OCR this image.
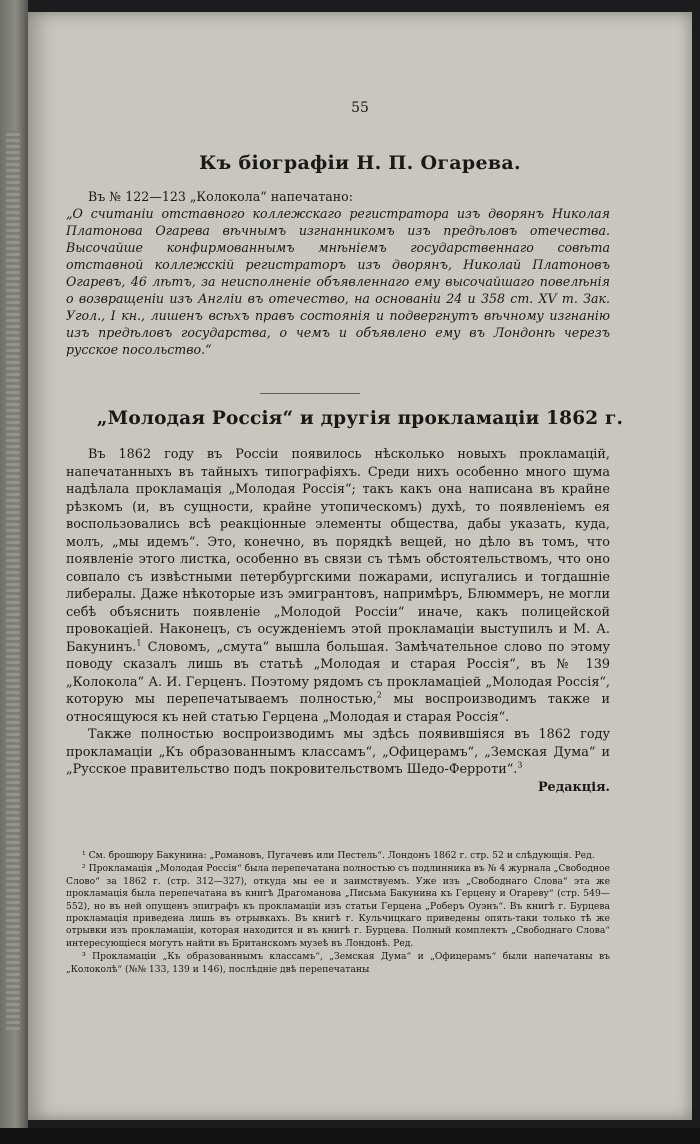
55
Къ біографіи Н. П. Огарева.

Въ № 122—123 „Колокола“ напечатано:

„О считаніи отставного коллежскаго регистратора изъ дворянъ Николая Платонова Огарева вѣчнымъ изгнанникомъ изъ предѣловъ отечества. Высочайше конфирмованнымъ мнѣніемъ государственнаго совѣта отставной коллежскій регистраторъ изъ дворянъ, Николай Платоновъ Огаревъ, 46 лѣтъ, за неисполненіе объявленнаго ему высочайшаго повелѣнія о возвращеніи изъ Англіи въ отечество, на основаніи 24 и 358 ст. XV т. Зак. Угол., I кн., лишенъ всѣхъ правъ состоянія и подвергнутъ вѣчному изгнанію изъ предѣловъ государства, о чемъ и объявлено ему въ Лондонѣ черезъ русское посольство.“

„Молодая Россія“ и другія прокламаціи 1862 г.

Въ 1862 году въ Россіи появилось нѣсколько новыхъ прокламацій, напечатанныхъ въ тайныхъ типографіяхъ. Среди нихъ особенно много шума надѣлала прокламація „Молодая Россія“; такъ какъ она написана въ крайне рѣзкомъ (и, въ сущности, крайне утопическомъ) духѣ, то появленіемъ ея воспользовались всѣ реакціонные элементы общества, дабы указать, куда, молъ, „мы идемъ“. Это, конечно, въ порядкѣ вещей, но дѣло въ томъ, что появленіе этого листка, особенно въ связи съ тѣмъ обстоятельствомъ, что оно совпало съ извѣстными петербургскими пожарами, испугались и тогдашніе либералы. Даже нѣкоторые изъ эмигрантовъ, напримѣръ, Блюммеръ, не могли себѣ объяснить появленіе „Молодой Россіи“ иначе, какъ полицейской провокаціей. Наконецъ, съ осужденіемъ этой прокламаціи выступилъ и М. А. Бакунинъ.$^1$ Словомъ, „смута“ вышла большая. Замѣчательное слово по этому поводу сказалъ лишь въ статьѣ „Молодая и старая Россія“, въ № 139 „Колокола“ А. И. Герценъ. Поэтому рядомъ съ прокламаціей „Молодая Россія“, которую мы перепечатываемъ полностью,$^2$ мы воспроизводимъ также и относящуюся къ ней статью Герцена „Молодая и старая Россія“.

Также полностью воспроизводимъ мы здѣсь появившіяся въ 1862 году прокламаціи „Къ образованнымъ классамъ“, „Офицерамъ“, „Земская Дума“ и „Русское правительство подъ покровительствомъ Шедо-Ферроти“.$^3$

Редакція.

¹ См. брошюру Бакунина: „Романовъ, Пугачевъ или Пестель“. Лондонъ 1862 г. стр. 52 и слѣдующія. Ред.

² Прокламація „Молодая Россія“ была перепечатана полностью съ подлинника въ № 4 журнала „Свободное Слово“ за 1862 г. (стр. 312—327), откуда мы ее и заимствуемъ. Уже изъ „Свободнаго Слова“ эта же прокламація была перепечатана въ книгѣ Драгоманова „Письма Бакунина къ Герцену и Огареву“ (стр. 549—552), но въ ней опущенъ эпиграфъ къ прокламаціи изъ статьи Герцена „Роберъ Оуэнъ“. Въ книгѣ г. Бурцева прокламація приведена лишь въ отрывкахъ. Въ книгѣ г. Кульчицкаго приведены опять-таки только тѣ же отрывки изъ прокламаціи, которая находится и въ книгѣ г. Бурцева. Полный комплектъ „Свободнаго Слова“ интересующіеся могутъ найти въ Британскомъ музеѣ въ Лондонѣ. Ред.

³ Прокламаціи „Къ образованнымъ классамъ“, „Земская Дума“ и „Офицерамъ“ были напечатаны въ „Колоколѣ“ (№№ 133, 139 и 146), послѣдніе двѣ перепечатаны
